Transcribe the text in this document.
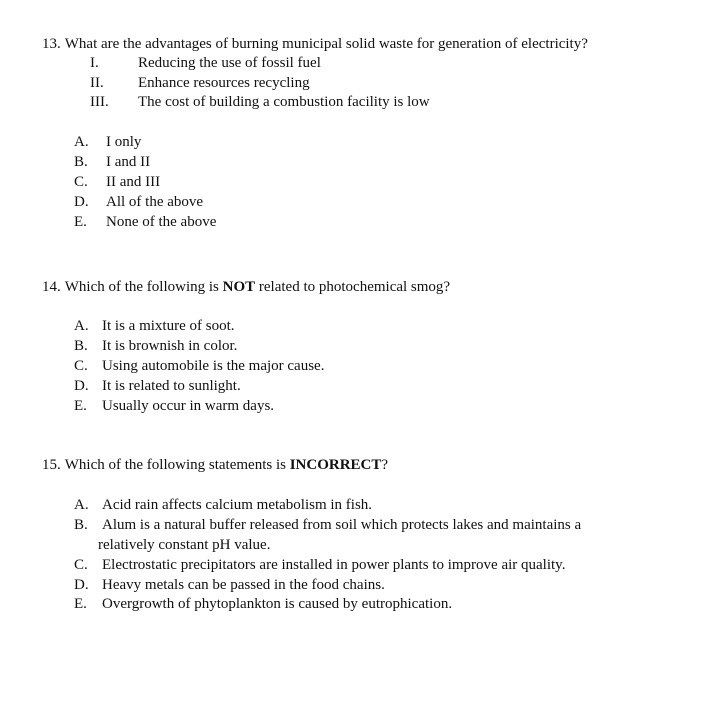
13. What are the advantages of burning municipal solid waste for generation of electricity?
I.	Reducing the use of fossil fuel
II. Enhance resources recycling
III. The cost of building a combustion facility is low
A. I only
B. I and II
C. II and III
D. All of the above
E. None of the above
14. Which of the following is NOT related to photochemical smog?
A. It is a mixture of soot.
B. It is brownish in color.
C. Using automobile is the major cause.
D. It is related to sunlight.
E. Usually occur in warm days.
15. Which of the following statements is INCORRECT?
A. Acid rain affects calcium metabolism in fish.
B. Alum is a natural buffer released from soil which protects lakes and maintains a
relatively constant pH value.
C. Electrostatic precipitators are installed in power plants to improve air quality.
D. Heavy metals can be passed in the food chains.
E. Overgrowth of phytoplankton is caused by eutrophication.
